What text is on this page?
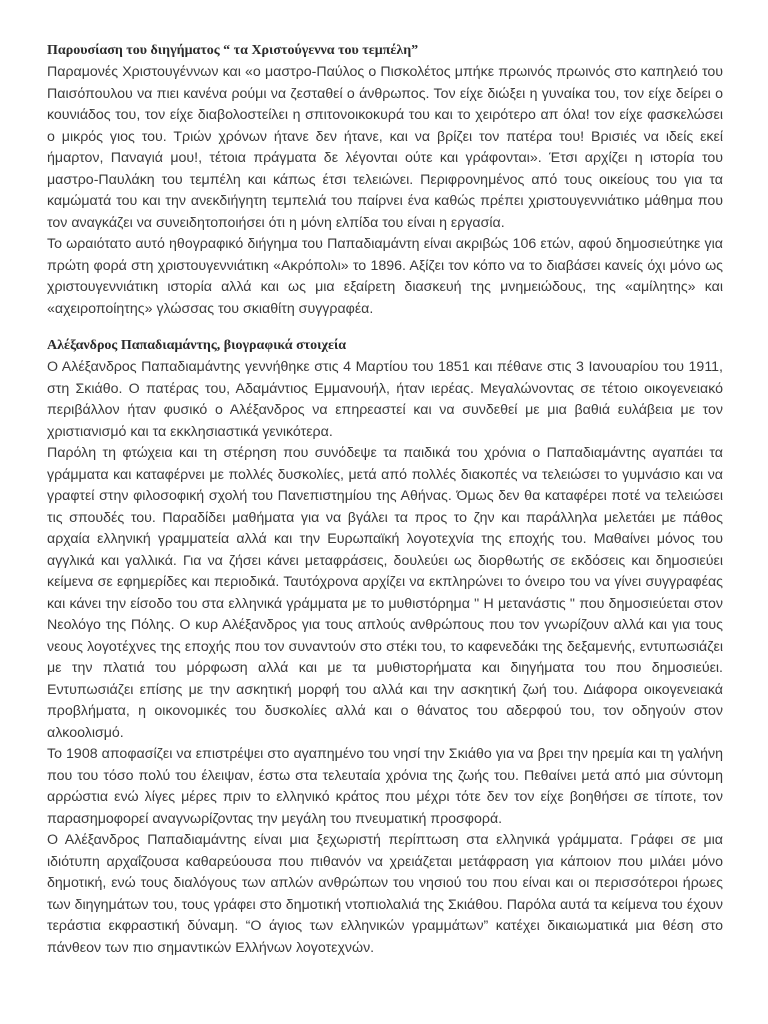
Παρουσίαση του διηγήματος “ τα Χριστούγεννα του τεμπέλη”

Παραμονές Χριστουγέννων και «ο μαστρο-Παύλος ο Πισκολέτος μπήκε πρωινός πρωινός στο καπηλειό του Παισόπουλου να πιει κανένα ρούμι να ζεσταθεί ο άνθρωπος. Τον είχε διώξει η γυναίκα του, τον είχε δείρει ο κουνιάδος του, τον είχε διαβολοστείλει η σπιτονοικοκυρά του και το χειρότερο απ όλα! τον είχε φασκελώσει ο μικρός γιος του. Τριών χρόνων ήτανε δεν ήτανε, και να βρίζει τον πατέρα του! Βρισιές να ιδείς εκεί ήμαρτον, Παναγιά μου!, τέτοια πράγματα δε λέγονται ούτε και γράφονται». Έτσι αρχίζει η ιστορία του μαστρο-Παυλάκη του τεμπέλη και κάπως έτσι τελειώνει. Περιφρονημένος από τους οικείους του για τα καμώματά του και την ανεκδιήγητη τεμπελιά του παίρνει ένα καθώς πρέπει χριστουγεννιάτικο μάθημα που τον αναγκάζει να συνειδητοποιήσει ότι η μόνη ελπίδα του είναι η εργασία.

Το ωραιότατο αυτό ηθογραφικό διήγημα του Παπαδιαμάντη είναι ακριβώς 106 ετών, αφού δημοσιεύτηκε για πρώτη φορά στη χριστουγεννιάτικη «Ακρόπολι» το 1896. Αξίζει τον κόπο να το διαβάσει κανείς όχι μόνο ως χριστουγεννιάτικη ιστορία αλλά και ως μια εξαίρετη διασκευή της μνημειώδους, της «αμίλητης» και «αχειροποίητης» γλώσσας του σκιαθίτη συγγραφέα.

Αλέξανδρος Παπαδιαμάντης, βιογραφικά στοιχεία

Ο Αλέξανδρος Παπαδιαμάντης γεννήθηκε στις 4 Μαρτίου του 1851 και πέθανε στις 3 Ιανουαρίου του 1911, στη Σκιάθο. Ο πατέρας του, Αδαμάντιος Εμμανουήλ, ήταν ιερέας. Μεγαλώνοντας σε τέτοιο οικογενειακό περιβάλλον ήταν φυσικό ο Αλέξανδρος να επηρεαστεί και να συνδεθεί με μια βαθιά ευλάβεια με τον χριστιανισμό και τα εκκλησιαστικά γενικότερα.

Παρόλη τη φτώχεια και τη στέρηση που συνόδεψε τα παιδικά του χρόνια ο Παπαδιαμάντης αγαπάει τα γράμματα και καταφέρνει με πολλές δυσκολίες, μετά από πολλές διακοπές να τελειώσει το γυμνάσιο και να γραφτεί στην φιλοσοφική σχολή του Πανεπιστημίου της Αθήνας. Όμως δεν θα καταφέρει ποτέ να τελειώσει τις σπουδές του. Παραδίδει μαθήματα για να βγάλει τα προς το ζην και παράλληλα μελετάει με πάθος αρχαία ελληνική γραμματεία αλλά και την Ευρωπαϊκή λογοτεχνία της εποχής του. Μαθαίνει μόνος του αγγλικά και γαλλικά. Για να ζήσει κάνει μεταφράσεις, δουλεύει ως διορθωτής σε εκδόσεις και δημοσιεύει κείμενα σε εφημερίδες και περιοδικά. Ταυτόχρονα αρχίζει να εκπληρώνει το όνειρο του να γίνει συγγραφέας και κάνει την είσοδο του στα ελληνικά γράμματα με το μυθιστόρημα " Η μετανάστις " που δημοσιεύεται στον Νεολόγο της Πόλης. Ο κυρ Αλέξανδρος για τους απλούς ανθρώπους που τον γνωρίζουν αλλά και για τους νεους λογοτέχνες της εποχής που τον συναντούν στο στέκι του, το καφενεδάκι της δεξαμενής, εντυπωσιάζει με την πλατιά του μόρφωση αλλά και με τα μυθιστορήματα και διηγήματα του που δημοσιεύει. Εντυπωσιάζει επίσης με την ασκητική μορφή του αλλά και την ασκητική ζωή του. Διάφορα οικογενειακά προβλήματα, η οικονομικές του δυσκολίες αλλά και ο θάνατος του αδερφού του, τον οδηγούν στον αλκοολισμό.

Το 1908 αποφασίζει να επιστρέψει στο αγαπημένο του νησί την Σκιάθο για να βρει την ηρεμία και τη γαλήνη που του τόσο πολύ του έλειψαν, έστω στα τελευταία χρόνια της ζωής του. Πεθαίνει μετά από μια σύντομη αρρώστια ενώ λίγες μέρες πριν το ελληνικό κράτος που μέχρι τότε δεν τον είχε βοηθήσει σε τίποτε, τον παρασημοφορεί αναγνωρίζοντας την μεγάλη του πνευματική προσφορά.

Ο Αλέξανδρος Παπαδιαμάντης είναι μια ξεχωριστή περίπτωση στα ελληνικά γράμματα. Γράφει σε μια ιδιότυπη αρχαΐζουσα καθαρεύουσα που πιθανόν να χρειάζεται μετάφραση για κάποιον που μιλάει μόνο δημοτική, ενώ τους διαλόγους των απλών ανθρώπων του νησιού του που είναι και οι περισσότεροι ήρωες των διηγημάτων του, τους γράφει στο δημοτική ντοπιολαλιά της Σκιάθου. Παρόλα αυτά τα κείμενα του έχουν τεράστια εκφραστική δύναμη. “Ο άγιος των ελληνικών γραμμάτων” κατέχει δικαιωματικά μια θέση στο πάνθεον των πιο σημαντικών Ελλήνων λογοτεχνών.
